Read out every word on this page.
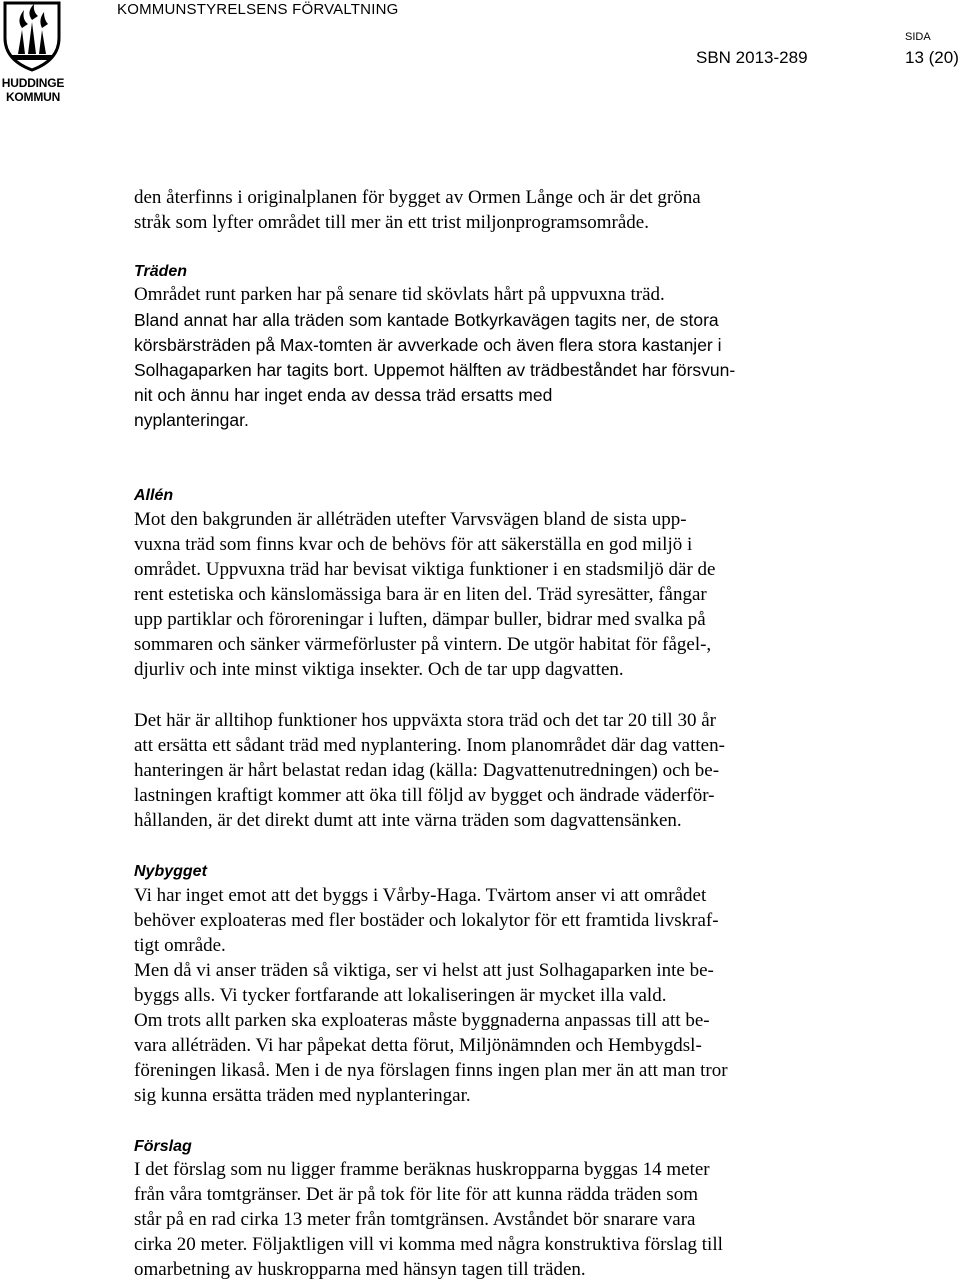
HUDDINGE
KOMMUN
KOMMUNSTYRELSENS FÖRVALTNING
SIDA
SBN 2013-289	13 (20)
den återfinns i originalplanen för bygget av Ormen Långe och är det gröna
stråk som lyfter området till mer än ett trist miljonprogramsområde.
Träden
Området runt parken har på senare tid skövlats hårt på uppvuxna träd.
Bland annat har alla träden som kantade Botkyrkavägen tagits ner, de stora
körsbärsträden på Max-tomten är avverkade och även flera stora kastanjer i
Solhagaparken har tagits bort. Uppemot hälften av trädbeståndet har försvun-
nit och ännu har inget enda av dessa träd ersatts med
nyplanteringar.
Allén
Mot den bakgrunden är alléträden utefter Varvsvägen bland de sista upp-
vuxna träd som finns kvar och de behövs för att säkerställa en god miljö i
området. Uppvuxna träd har bevisat viktiga funktioner i en stadsmiljö där de
rent estetiska och känslomässiga bara är en liten del. Träd syresätter, fångar
upp partiklar och föroreningar i luften, dämpar buller, bidrar med svalka på
sommaren och sänker värmeförluster på vintern. De utgör habitat för fågel-,
djurliv och inte minst viktiga insekter. Och de tar upp dagvatten.
Det här är alltihop funktioner hos uppväxta stora träd och det tar 20 till 30 år
att ersätta ett sådant träd med nyplantering. Inom planområdet där dag vatten-
hanteringen är hårt belastat redan idag (källa: Dagvattenutredningen) och be-
lastningen kraftigt kommer att öka till följd av bygget och ändrade väderför-
hållanden, är det direkt dumt att inte värna träden som dagvattensänken.
Nybygget
Vi har inget emot att det byggs i Vårby-Haga. Tvärtom anser vi att området
behöver exploateras med fler bostäder och lokalytor för ett framtida livskraf-
tigt område.
Men då vi anser träden så viktiga, ser vi helst att just Solhagaparken inte be-
byggs alls. Vi tycker fortfarande att lokaliseringen är mycket illa vald.
Om trots allt parken ska exploateras måste byggnaderna anpassas till att be-
vara alléträden. Vi har påpekat detta förut, Miljönämnden och Hembygdsl-
föreningen likaså. Men i de nya förslagen finns ingen plan mer än att man tror
sig kunna ersätta träden med nyplanteringar.
Förslag
I det förslag som nu ligger framme beräknas huskropparna byggas 14 meter
från våra tomtgränser. Det är på tok för lite för att kunna rädda träden som
står på en rad cirka 13 meter från tomtgränsen. Avståndet bör snarare vara
cirka 20 meter. Följaktligen vill vi komma med några konstruktiva förslag till
omarbetning av huskropparna med hänsyn tagen till träden.
